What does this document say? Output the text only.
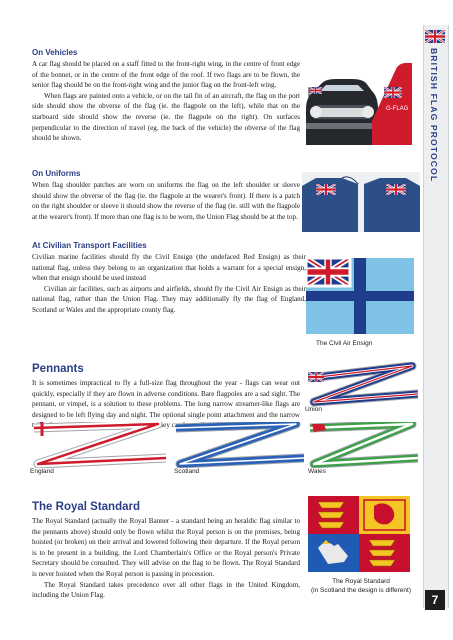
BRITISH FLAG PROTOCOL
7
On Vehicles
A car flag should be placed on a staff fitted to the front-right wing, in the centre of front edge of the bonnet, or in the centre of the front edge of the roof. If two flags are to be flown, the senior flag should be on the front-right wing and the junior flag on the front-left wing.
When flags are painted onto a vehicle, or on the tail fin of an aircraft, the flag on the port side should show the obverse of the flag (ie. the flagpole on the left), while that on the starboard side should show the reverse (ie. the flagpole on the right). On surfaces perpendicular to the direction of travel (eg. the back of the vehicle) the obverse of the flag should be shown.
G-FLAG
On Uniforms
When flag shoulder patches are worn on uniforms the flag on the left shoulder or sleeve should show the obverse of the flag (ie. the flagpole at the wearer's front). If there is a patch on the right shoulder or sleeve it should show the reverse of the flag (ie. still with the flagpole at the wearer's front). If more than one flag is to be worn, the Union Flag should be at the top.
At Civilian Transport Facilities
Civilian marine facilities should fly the Civil Ensign (the undefaced Red Ensign) as their national flag, unless they belong to an organization that holds a warrant for a special ensign, when that ensign should be used instead
Civilian air facilities, such as airports and airfields, should fly the Civil Air Ensign as their national flag, rather than the Union Flag. They may additionally fly the flag of England, Scotland or Wales and the appropriate county flag.
The Civil Air Ensign
Pennants
It is sometimes impractical to fly a full-size flag throughout the year - flags can wear out quickly, especially if they are flown in adverse conditions. Bare flagpoles are a sad sight. The pennant, or vimpel, is a solution to these problems. The long narrow streamer-like flags are designed to be left flying day and night. The optional single point attachment and the narrow tail reduce wear and their length means that they can be easily repaired.
Union
England	Scotland	Wales
The Royal Standard
The Royal Standard (actually the Royal Banner - a standard being an heraldic flag similar to the pennants above) should only be flown whilst the Royal person is on the premises, being hoisted (or broken) on their arrival and lowered following their departure. If the Royal person is to be present in a building, the Lord Chamberlain's Office or the Royal person's Private Secretary should be consulted. They will advise on the flag to be flown. The Royal Standard is never hoisted when the Royal person is passing in procession.
The Royal Standard takes precedence over all other flags in the United Kingdom, including the Union Flag.
The Royal Standard
(in Scotland the design is different)
